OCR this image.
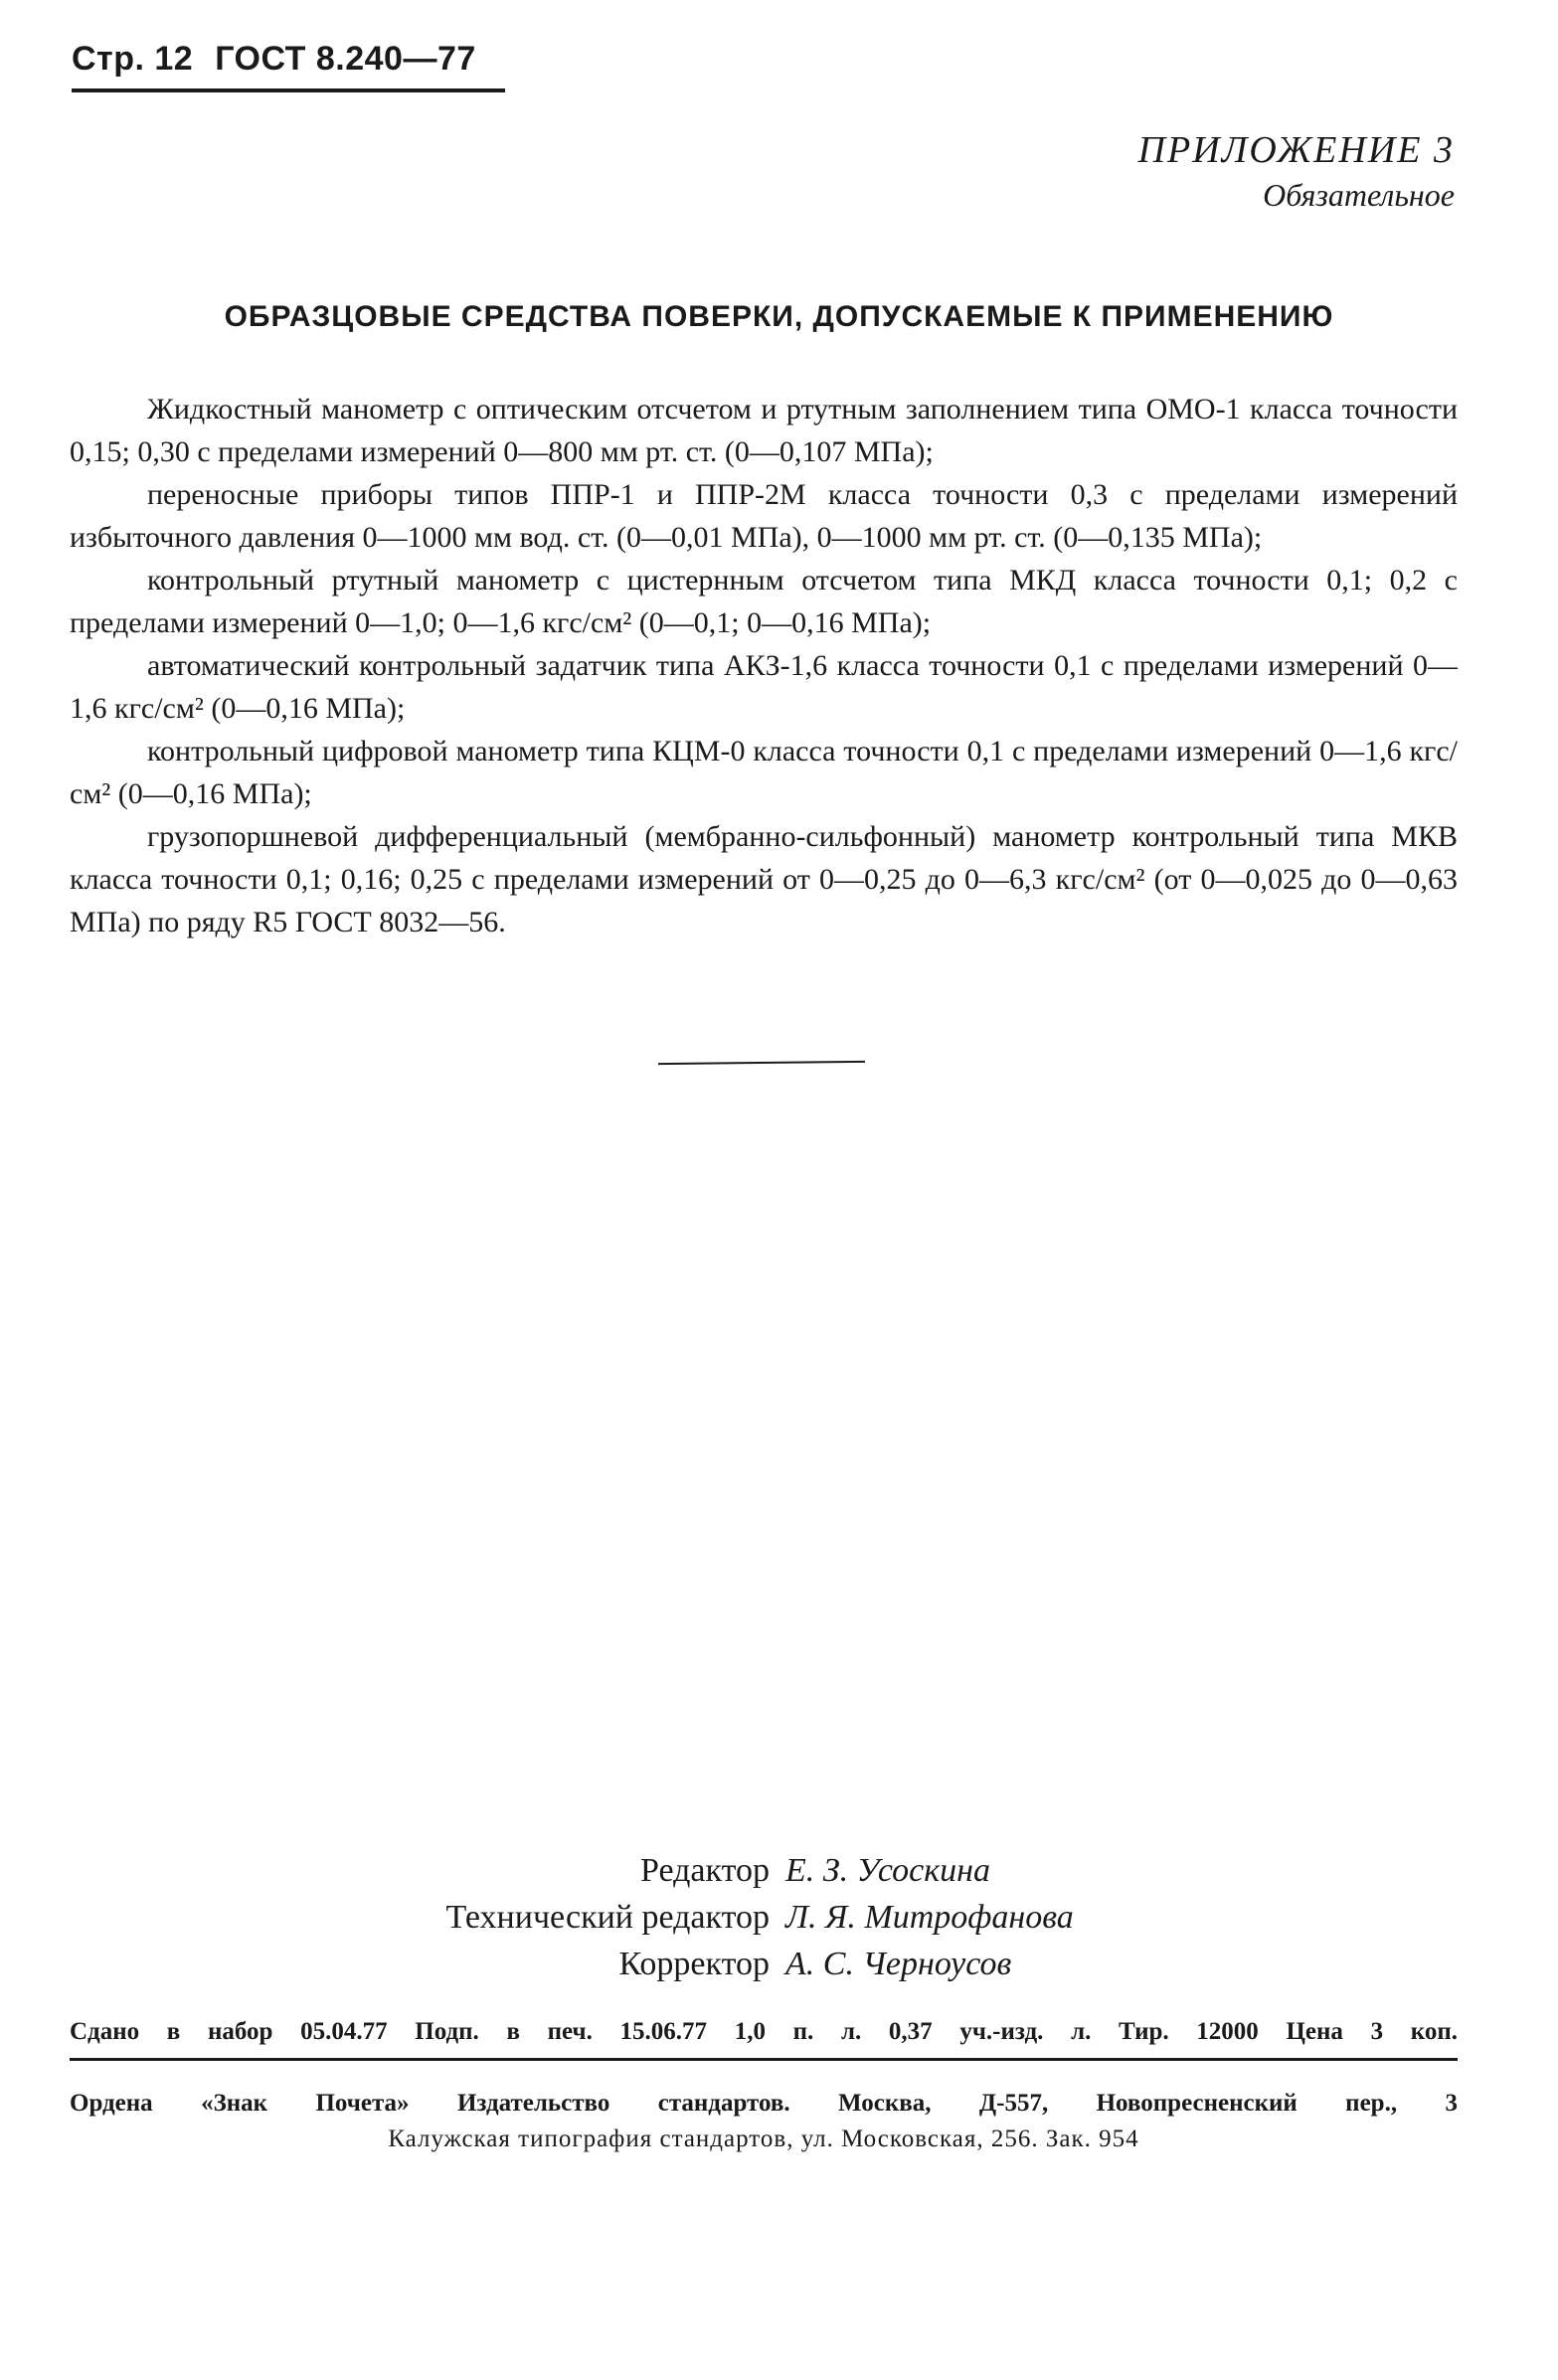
Стр. 12 ГОСТ 8.240—77
ПРИЛОЖЕНИЕ 3
Обязательное
ОБРАЗЦОВЫЕ СРЕДСТВА ПОВЕРКИ, ДОПУСКАЕМЫЕ К ПРИМЕНЕНИЮ

Жидкостный манометр с оптическим отсчетом и ртутным заполнением типа ОМО-1 класса точности 0,15; 0,30 с пределами измерений 0—800 мм рт. ст. (0—0,107 МПа);

переносные приборы типов ППР-1 и ППР-2М класса точности 0,3 с пределами измерений избыточного давления 0—1000 мм вод. ст. (0—0,01 МПа), 0—1000 мм рт. ст. (0—0,135 МПа);

контрольный ртутный манометр с цистернным отсчетом типа МКД класса точности 0,1; 0,2 с пределами измерений 0—1,0; 0—1,6 кгс/см² (0—0,1; 0—0,16 МПа);

автоматический контрольный задатчик типа АКЗ-1,6 класса точности 0,1 с пределами измерений 0—1,6 кгс/см² (0—0,16 МПа);

контрольный цифровой манометр типа КЦМ-0 класса точности 0,1 с пределами измерений 0—1,6 кгс/см² (0—0,16 МПа);

грузопоршневой дифференциальный (мембранно-сильфонный) манометр контрольный типа МКВ класса точности 0,1; 0,16; 0,25 с пределами измерений от 0—0,25 до 0—6,3 кгс/см² (от 0—0,025 до 0—0,63 МПа) по ряду R5 ГОСТ 8032—56.

Редактор Е. З. Усоскина
Технический редактор Л. Я. Митрофанова
Корректор А. С. Черноусов
Сдано в набор 05.04.77 Подп. в печ. 15.06.77 1,0 п. л. 0,37 уч.-изд. л. Тир. 12000 Цена 3 коп.
Ордена «Знак Почета» Издательство стандартов. Москва, Д-557, Новопресненский пер., 3
Калужская типография стандартов, ул. Московская, 256. Зак. 954
